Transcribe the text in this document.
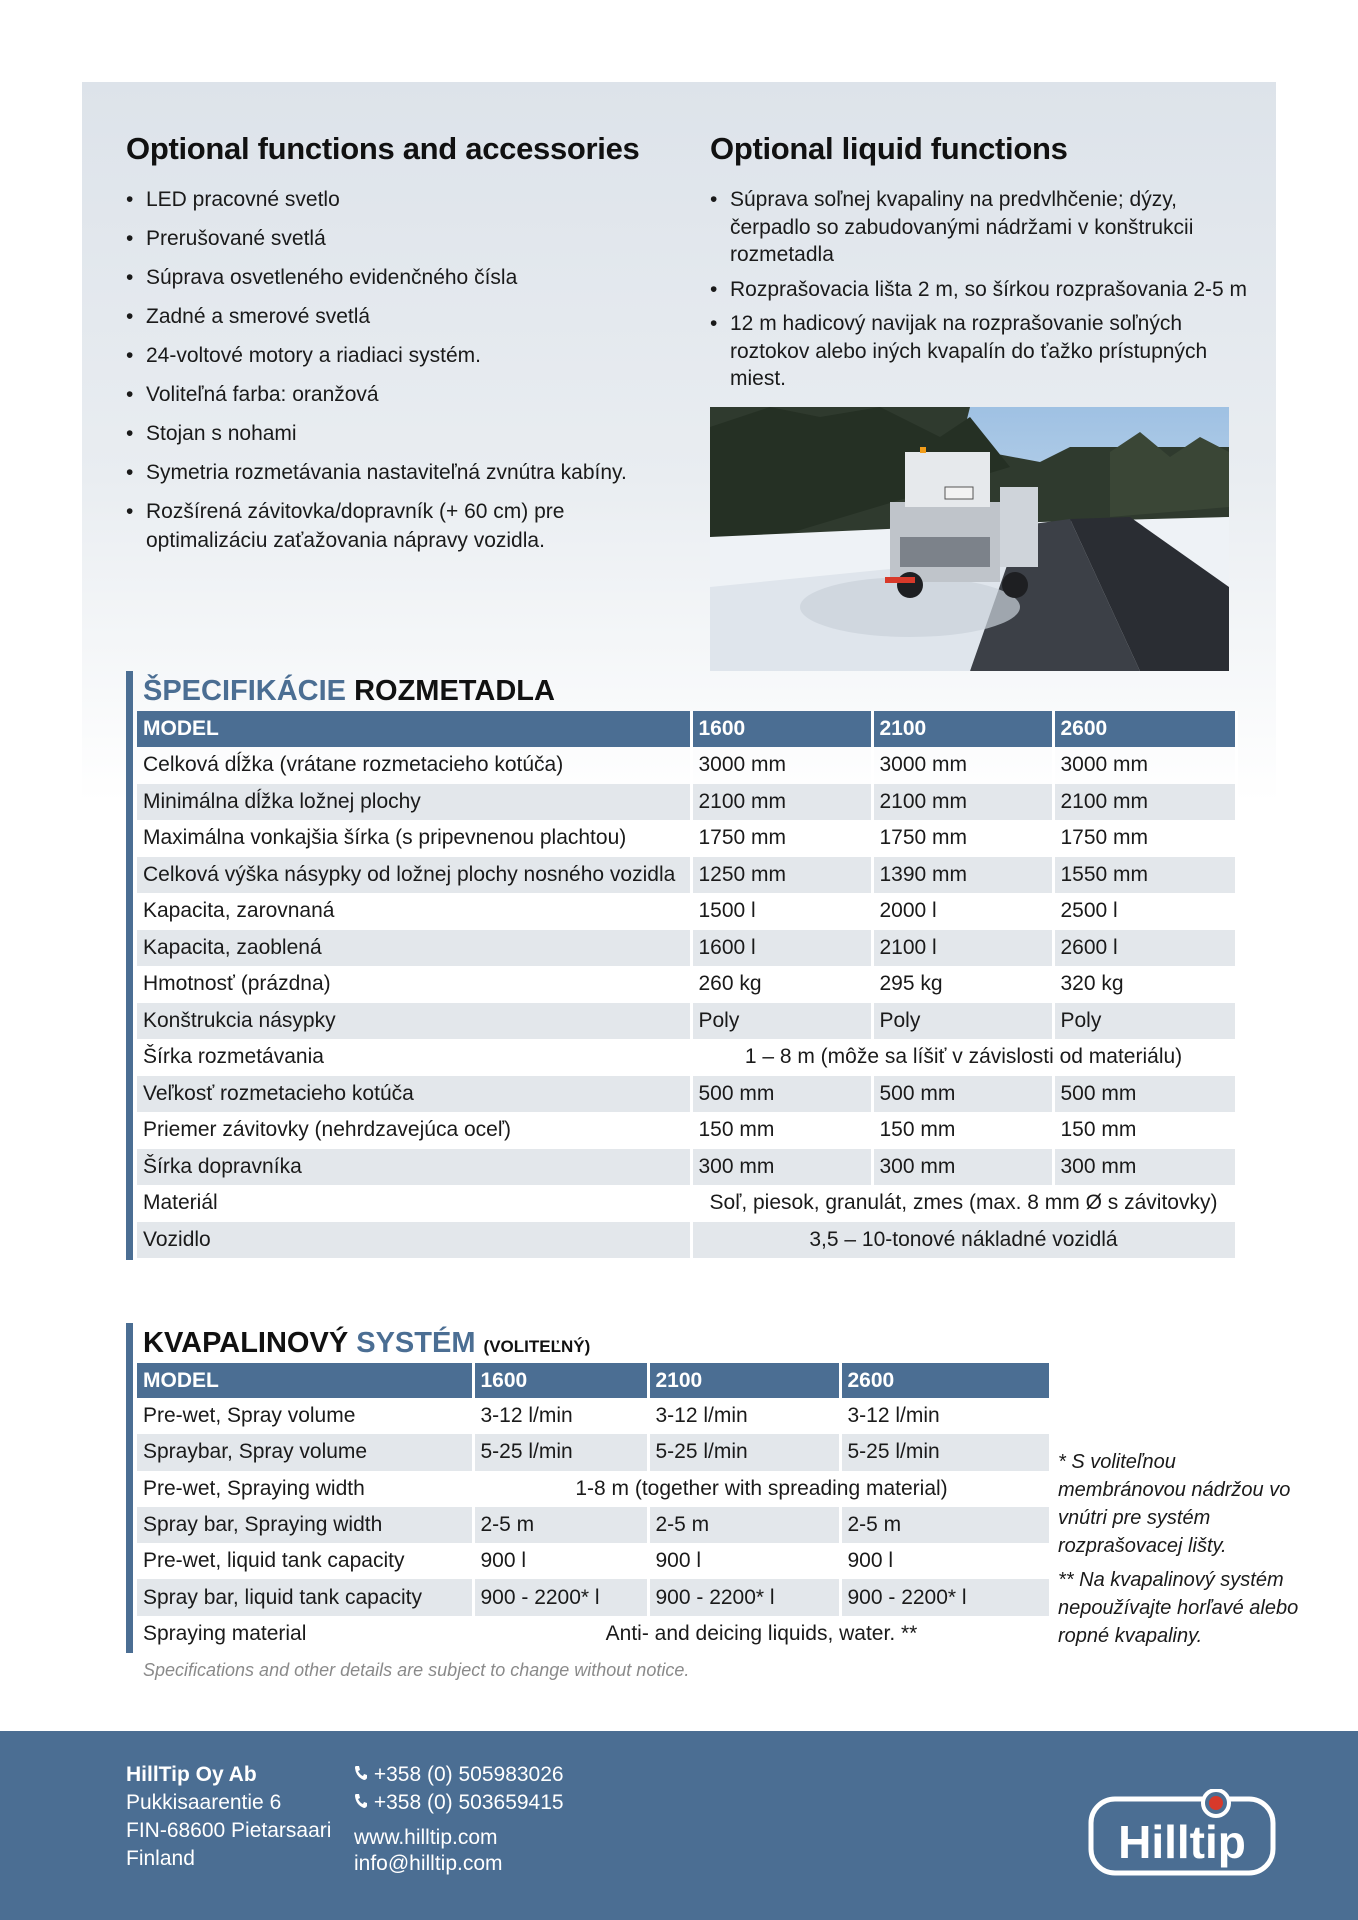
Optional functions and accessories
• LED pracovné svetlo
• Prerušované svetlá
• Súprava osvetleného evidenčného čísla
• Zadné a smerové svetlá
• 24-voltové motory a riadiaci systém.
• Voliteľná farba: oranžová
• Stojan s nohami
• Symetria rozmetávania nastaviteľná zvnútra kabíny.
• Rozšírená závitovka/dopravník (+ 60 cm) pre optimalizáciu zaťažovania nápravy vozidla.
Optional liquid functions
• Súprava soľnej kvapaliny na predvlhčenie; dýzy, čerpadlo so zabudovanými nádržami v konštrukcii rozmetadla
• Rozprašovacia lišta 2 m, so šírkou rozprašovania 2-5 m
• 12 m hadicový navijak na rozprašovanie soľných roztokov alebo iných kvapalín do ťažko prístupných miest.
ŠPECIFIKÁCIE ROZMETADLA
MODEL	1600	2100	2600
Celková dĺžka (vrátane rozmetacieho kotúča)	3000 mm	3000 mm	3000 mm
Minimálna dĺžka ložnej plochy	2100 mm	2100 mm	2100 mm
Maximálna vonkajšia šírka (s pripevnenou plachtou)	1750 mm	1750 mm	1750 mm
Celková výška násypky od ložnej plochy nosného vozidla	1250 mm	1390 mm	1550 mm
Kapacita, zarovnaná	1500 l	2000 l	2500 l
Kapacita, zaoblená	1600 l	2100 l	2600 l
Hmotnosť (prázdna)	260 kg	295 kg	320 kg
Konštrukcia násypky	Poly	Poly	Poly
Šírka rozmetávania	1 – 8 m (môže sa líšiť v závislosti od materiálu)		
Veľkosť rozmetacieho kotúča	500 mm	500 mm	500 mm
Priemer závitovky (nehrdzavejúca oceľ)	150 mm	150 mm	150 mm
Šírka dopravníka	300 mm	300 mm	300 mm
Materiál	Soľ, piesok, granulát, zmes (max. 8 mm Ø s závitovky)		
Vozidlo	3,5 – 10-tonové nákladné vozidlá		
KVAPALINOVÝ SYSTÉM (VOLITEĽNÝ)
MODEL	1600	2100	2600
Pre-wet, Spray volume	3-12 l/min	3-12 l/min	3-12 l/min
Spraybar, Spray volume	5-25 l/min	5-25 l/min	5-25 l/min
Pre-wet, Spraying width	1-8 m (together with spreading material)		
Spray bar, Spraying width	2-5 m	2-5 m	2-5 m
Pre-wet, liquid tank capacity	900 l	900 l	900 l
Spray bar, liquid tank capacity	900 - 2200* l	900 - 2200* l	900 - 2200* l
Spraying material	Anti- and deicing liquids, water. **		

* S voliteľnou membránovou nádržou vo vnútri pre systém rozprašovacej lišty.

** Na kvapalinový systém nepoužívajte horľavé alebo ropné kvapaliny.

Specifications and other details are subject to change without notice.
HillTip Oy Ab
Pukkisaarentie 6
FIN-68600 Pietarsaari
Finland
+358 (0) 505983026
+358 (0) 503659415
www.hilltip.com
info@hilltip.com	Hilltip
